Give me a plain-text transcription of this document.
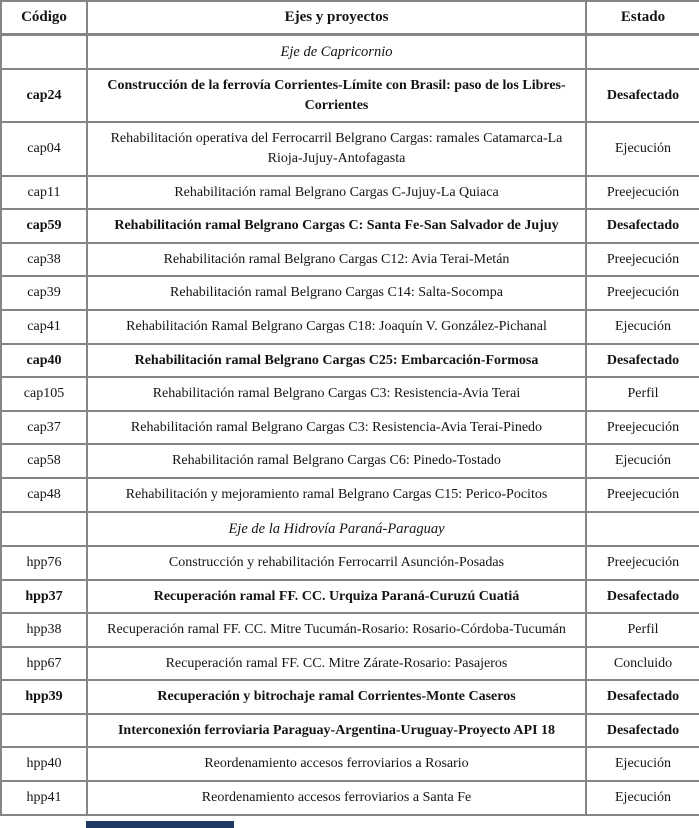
Código	Ejes y proyectos	Estado
	Eje de Capricornio	
cap24	Construcción de la ferrovía Corrientes-Límite con Brasil: paso de los Libres-Corrientes	Desafectado
cap04	Rehabilitación operativa del Ferrocarril Belgrano Cargas: ramales Catamarca-La Rioja-Jujuy-Antofagasta	Ejecución
cap11	Rehabilitación ramal Belgrano Cargas C-Jujuy-La Quiaca	Preejecución
cap59	Rehabilitación ramal Belgrano Cargas C: Santa Fe-San Salvador de Jujuy	Desafectado
cap38	Rehabilitación ramal Belgrano Cargas C12: Avia Terai-Metán	Preejecución
cap39	Rehabilitación ramal Belgrano Cargas C14: Salta-Socompa	Preejecución
cap41	Rehabilitación Ramal Belgrano Cargas C18: Joaquín V. González-Pichanal	Ejecución
cap40	Rehabilitación ramal Belgrano Cargas C25: Embarcación-Formosa	Desafectado
cap105	Rehabilitación ramal Belgrano Cargas C3: Resistencia-Avia Terai	Perfil
cap37	Rehabilitación ramal Belgrano Cargas C3: Resistencia-Avia Terai-Pinedo	Preejecución
cap58	Rehabilitación ramal Belgrano Cargas C6: Pinedo-Tostado	Ejecución
cap48	Rehabilitación y mejoramiento ramal Belgrano Cargas C15: Perico-Pocitos	Preejecución
	Eje de la Hidrovía Paraná-Paraguay	
hpp76	Construcción y rehabilitación Ferrocarril Asunción-Posadas	Preejecución
hpp37	Recuperación ramal FF. CC. Urquiza Paraná-Curuzú Cuatiá	Desafectado
hpp38	Recuperación ramal FF. CC. Mitre Tucumán-Rosario: Rosario-Córdoba-Tucumán	Perfil
hpp67	Recuperación ramal FF. CC. Mitre Zárate-Rosario: Pasajeros	Concluido
hpp39	Recuperación y bitrochaje ramal Corrientes-Monte Caseros	Desafectado
	Interconexión ferroviaria Paraguay-Argentina-Uruguay-Proyecto API 18	Desafectado
hpp40	Reordenamiento accesos ferroviarios a Rosario	Ejecución
hpp41	Reordenamiento accesos ferroviarios a Santa Fe	Ejecución
